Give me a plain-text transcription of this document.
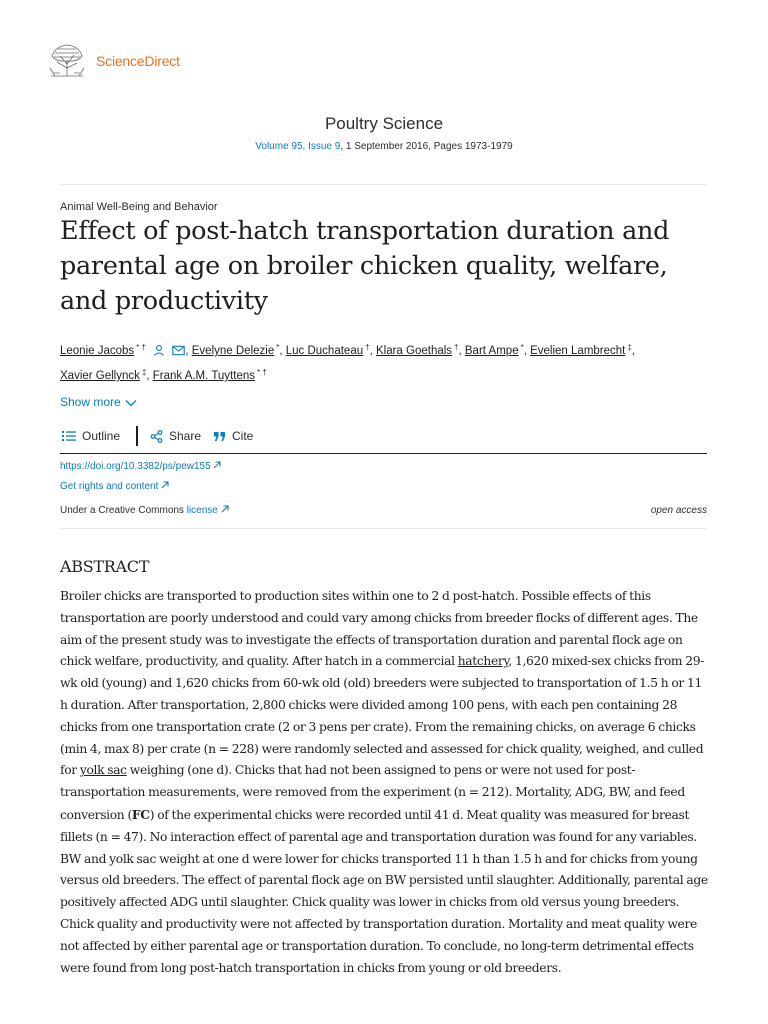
ScienceDirect
Poultry Science
Volume 95, Issue 9, 1 September 2016, Pages 1973-1979
Animal Well-Being and Behavior
Effect of post-hatch transportation duration and parental age on broiler chicken quality, welfare, and productivity
Leonie Jacobs * †	, Evelyne Delezie *, Luc Duchateau †, Klara Goethals †, Bart Ampe *, Evelien Lambrecht ‡,
Xavier Gellynck ‡, Frank A.M. Tuyttens * †
Show more
Outline	Share	Cite
https://doi.org/10.3382/ps/pew155
Get rights and content
Under a Creative Commons license	open access
ABSTRACT
Broiler chicks are transported to production sites within one to 2 d post-hatch. Possible effects of this transportation are poorly understood and could vary among chicks from breeder flocks of different ages. The aim of the present study was to investigate the effects of transportation duration and parental flock age on chick welfare, productivity, and quality. After hatch in a commercial hatchery, 1,620 mixed-sex chicks from 29-wk old (young) and 1,620 chicks from 60-wk old (old) breeders were subjected to transportation of 1.5 h or 11 h duration. After transportation, 2,800 chicks were divided among 100 pens, with each pen containing 28 chicks from one transportation crate (2 or 3 pens per crate). From the remaining chicks, on average 6 chicks (min 4, max 8) per crate (n = 228) were randomly selected and assessed for chick quality, weighed, and culled for yolk sac weighing (one d). Chicks that had not been assigned to pens or were not used for post-transportation measurements, were removed from the experiment (n = 212). Mortality, ADG, BW, and feed conversion (FC) of the experimental chicks were recorded until 41 d. Meat quality was measured for breast fillets (n = 47). No interaction effect of parental age and transportation duration was found for any variables. BW and yolk sac weight at one d were lower for chicks transported 11 h than 1.5 h and for chicks from young versus old breeders. The effect of parental flock age on BW persisted until slaughter. Additionally, parental age positively affected ADG until slaughter. Chick quality was lower in chicks from old versus young breeders. Chick quality and productivity were not affected by transportation duration. Mortality and meat quality were not affected by either parental age or transportation duration. To conclude, no long-term detrimental effects were found from long post-hatch transportation in chicks from young or old breeders.
